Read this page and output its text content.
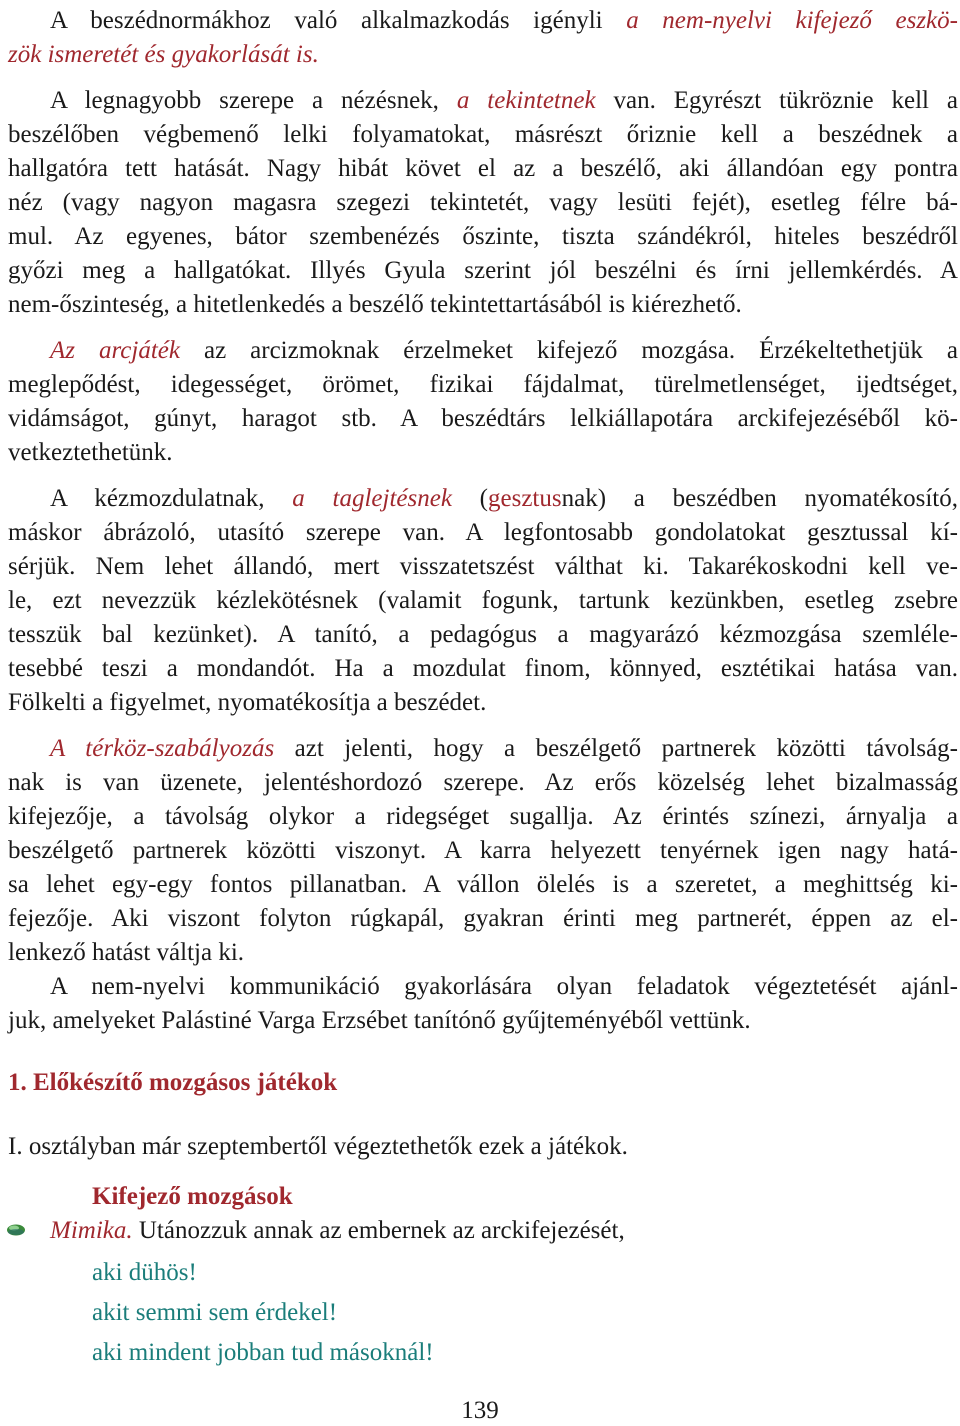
A beszédnormákhoz való alkalmazkodás igényli a nem-nyelvi kifejező eszkö-
zök ismeretét és gyakorlását is.
A legnagyobb szerepe a nézésnek, a tekintetnek van. Egyrészt tükröznie kell a
beszélőben végbemenő lelki folyamatokat, másrészt őriznie kell a beszédnek a
hallgatóra tett hatását. Nagy hibát követ el az a beszélő, aki állandóan egy pontra
néz (vagy nagyon magasra szegezi tekintetét, vagy lesüti fejét), esetleg félre bá-
mul. Az egyenes, bátor szembenézés őszinte, tiszta szándékról, hiteles beszédről
győzi meg a hallgatókat. Illyés Gyula szerint jól beszélni és írni jellemkérdés. A
nem-őszinteség, a hitetlenkedés a beszélő tekintettartásából is kiérezhető.
Az arcjáték az arcizmoknak érzelmeket kifejező mozgása. Érzékeltethetjük a
meglepődést, idegességet, örömet, fizikai fájdalmat, türelmetlenséget, ijedtséget,
vidámságot, gúnyt, haragot stb. A beszédtárs lelkiállapotára arckifejezéséből kö-
vetkeztethetünk.
A kézmozdulatnak, a taglejtésnek (gesztusnak) a beszédben nyomatékosító,
máskor ábrázoló, utasító szerepe van. A legfontosabb gondolatokat gesztussal kí-
sérjük. Nem lehet állandó, mert visszatetszést válthat ki. Takarékoskodni kell ve-
le, ezt nevezzük kézlekötésnek (valamit fogunk, tartunk kezünkben, esetleg zsebre
tesszük bal kezünket). A tanító, a pedagógus a magyarázó kézmozgása szemléle-
tesebbé teszi a mondandót. Ha a mozdulat finom, könnyed, esztétikai hatása van.
Fölkelti a figyelmet, nyomatékosítja a beszédet.
A térköz-szabályozás azt jelenti, hogy a beszélgető partnerek közötti távolság-
nak is van üzenete, jelentéshordozó szerepe. Az erős közelség lehet bizalmasság
kifejezője, a távolság olykor a ridegséget sugallja. Az érintés színezi, árnyalja a
beszélgető partnerek közötti viszonyt. A karra helyezett tenyérnek igen nagy hatá-
sa lehet egy-egy fontos pillanatban. A vállon ölelés is a szeretet, a meghittség ki-
fejezője. Aki viszont folyton rúgkapál, gyakran érinti meg partnerét, éppen az el-
lenkező hatást váltja ki.
A nem-nyelvi kommunikáció gyakorlására olyan feladatok végeztetését ajánl-
juk, amelyeket Palástiné Varga Erzsébet tanítónő gyűjteményéből vettünk.
1. Előkészítő mozgásos játékok
I. osztályban már szeptembertől végeztethetők ezek a játékok.
Kifejező mozgások
Mimika. Utánozzuk annak az embernek az arckifejezését,
aki dühös!
akit semmi sem érdekel!
aki mindent jobban tud másoknál!
139
